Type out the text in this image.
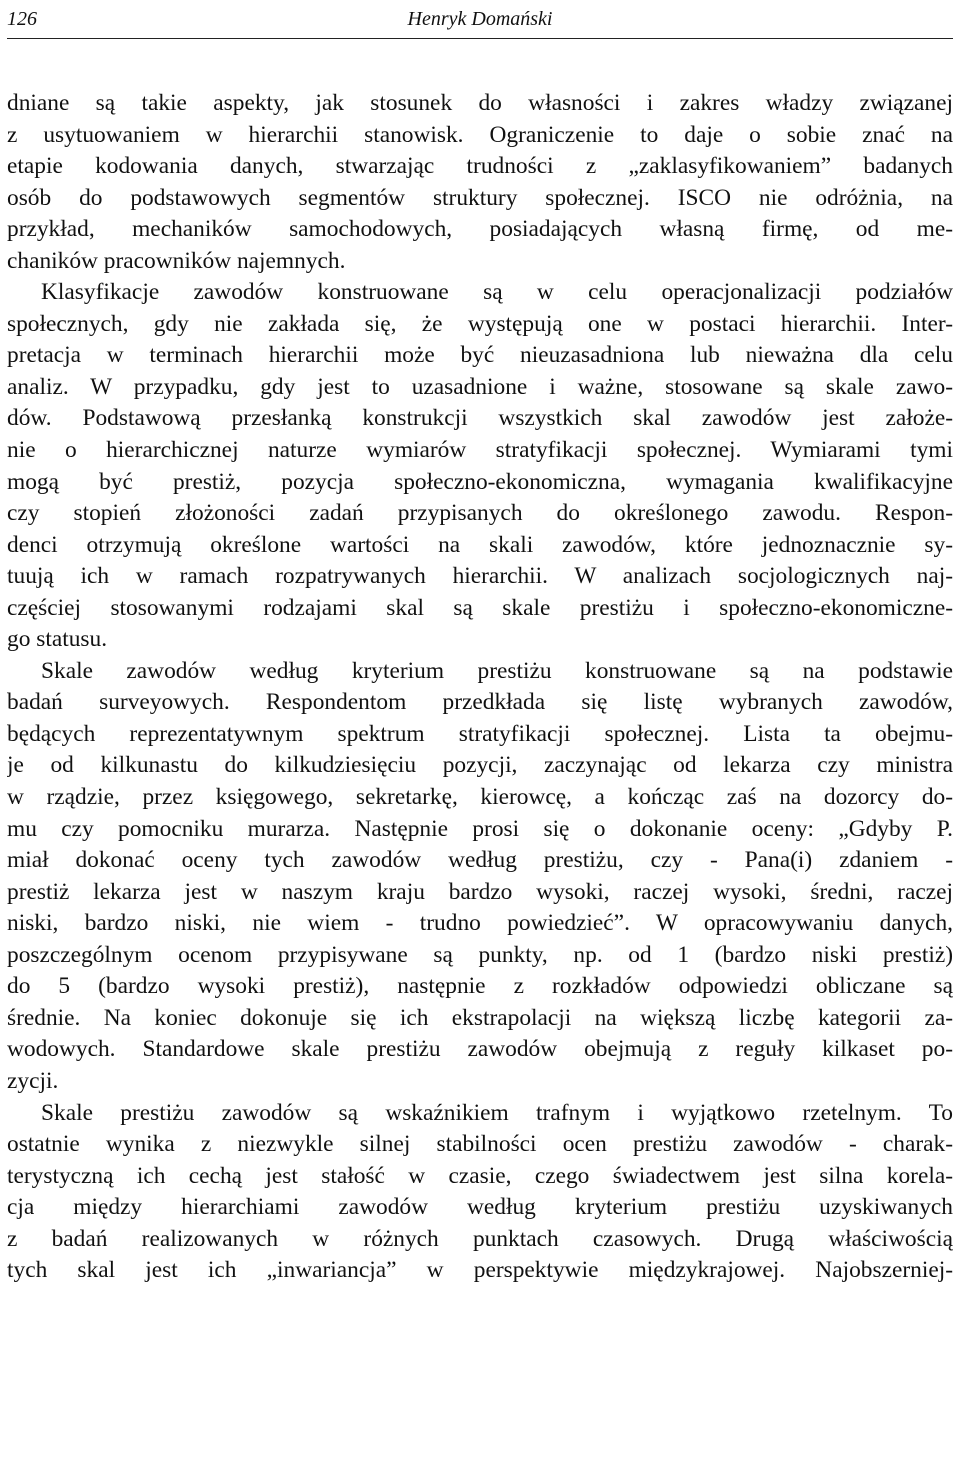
126	Henryk Domański
dniane są takie aspekty, jak stosunek do własności i zakres władzy związanej
z usytuowaniem w hierarchii stanowisk. Ograniczenie to daje o sobie znać na
etapie kodowania danych, stwarzając trudności z „zaklasyfikowaniem” badanych
osób do podstawowych segmentów struktury społecznej. ISCO nie odróżnia, na
przykład, mechaników samochodowych, posiadających własną firmę, od me-
chaników pracowników najemnych.
Klasyfikacje zawodów konstruowane są w celu operacjonalizacji podziałów
społecznych, gdy nie zakłada się, że występują one w postaci hierarchii. Inter-
pretacja w terminach hierarchii może być nieuzasadniona lub nieważna dla celu
analiz. W przypadku, gdy jest to uzasadnione i ważne, stosowane są skale zawo-
dów. Podstawową przesłanką konstrukcji wszystkich skal zawodów jest założe-
nie o hierarchicznej naturze wymiarów stratyfikacji społecznej. Wymiarami tymi
mogą być prestiż, pozycja społeczno-ekonomiczna, wymagania kwalifikacyjne
czy stopień złożoności zadań przypisanych do określonego zawodu. Respon-
denci otrzymują określone wartości na skali zawodów, które jednoznacznie sy-
tuują ich w ramach rozpatrywanych hierarchii. W analizach socjologicznych naj-
częściej stosowanymi rodzajami skal są skale prestiżu i społeczno-ekonomiczne-
go statusu.
Skale zawodów według kryterium prestiżu konstruowane są na podstawie
badań surveyowych. Respondentom przedkłada się listę wybranych zawodów,
będących reprezentatywnym spektrum stratyfikacji społecznej. Lista ta obejmu-
je od kilkunastu do kilkudziesięciu pozycji, zaczynając od lekarza czy ministra
w rządzie, przez księgowego, sekretarkę, kierowcę, a kończąc zaś na dozorcy do-
mu czy pomocniku murarza. Następnie prosi się o dokonanie oceny: „Gdyby P.
miał dokonać oceny tych zawodów według prestiżu, czy - Pana(i) zdaniem -
prestiż lekarza jest w naszym kraju bardzo wysoki, raczej wysoki, średni, raczej
niski, bardzo niski, nie wiem - trudno powiedzieć”. W opracowywaniu danych,
poszczególnym ocenom przypisywane są punkty, np. od 1 (bardzo niski prestiż)
do 5 (bardzo wysoki prestiż), następnie z rozkładów odpowiedzi obliczane są
średnie. Na koniec dokonuje się ich ekstrapolacji na większą liczbę kategorii za-
wodowych. Standardowe skale prestiżu zawodów obejmują z reguły kilkaset po-
zycji.
Skale prestiżu zawodów są wskaźnikiem trafnym i wyjątkowo rzetelnym. To
ostatnie wynika z niezwykle silnej stabilności ocen prestiżu zawodów - charak-
terystyczną ich cechą jest stałość w czasie, czego świadectwem jest silna korela-
cja między hierarchiami zawodów według kryterium prestiżu uzyskiwanych
z badań realizowanych w różnych punktach czasowych. Drugą właściwością
tych skal jest ich „inwariancja” w perspektywie międzykrajowej. Najobszerniej-
